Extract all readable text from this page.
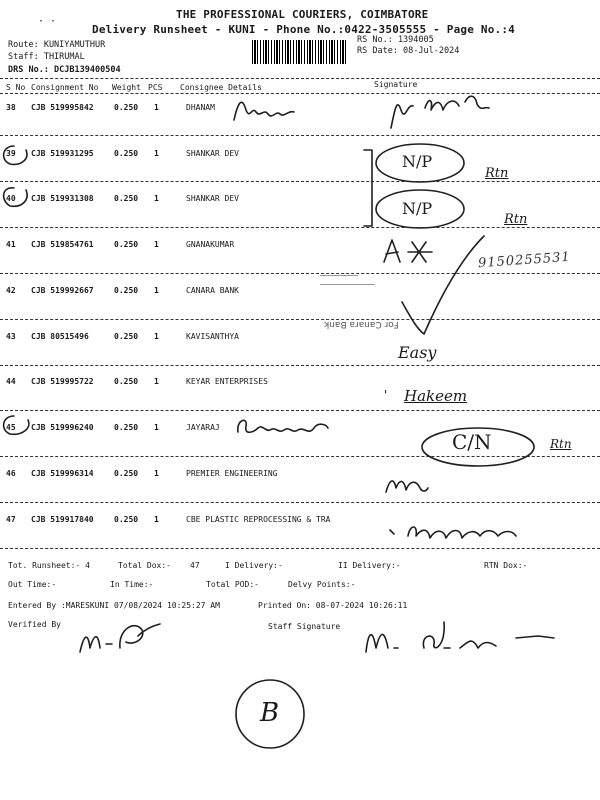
THE PROFESSIONAL COURIERS, COIMBATORE
Delivery Runsheet - KUNI - Phone No.:0422-3505555 - Page No.:4
Route: KUNIYAMUTHUR
Staff: THIRUMAL
DRS No.: DCJB139400504
RS No.: 1394005
RS Date: 08-Jul-2024
· ·
S No Consignment No Weight PCS Consignee Details	Signature
38 CJB 519995842	0.250 1	DHANAM
39 CJB 519931295	0.250 1	SHANKAR DEV
40 CJB 519931308	0.250 1	SHANKAR DEV
41 CJB 519854761	0.250 1	GNANAKUMAR
42 CJB 519992667	0.250 1	CANARA BANK
43 CJB 80515496	0.250 1	KAVISANTHYA
44 CJB 519995722	0.250 1	KEYAR ENTERPRISES
45 CJB 519996240	0.250 1	JAYARAJ
46 CJB 519996314	0.250 1	PREMIER ENGINEERING
47 CJB 519917840	0.250 1	CBE PLASTIC REPROCESSING & TRA
Tot. Runsheet:- 4	Total Dox:- 47	I Delivery:-	II Delivery:-	RTN Dox:-
Out Time:-	In Time:-	Total POD:-	Delvy Points:-
Entered By :MARESKUNI 07/08/2024 10:25:27 AM	Printed On: 08-07-2024 10:26:11
Verified By	Staff Signature
N/P
N/P
Rtn
Rtn
9150255531
─────────────
─────────
For Canara Bank
Easy
Hakeem
'
C/N	Rtn
B
